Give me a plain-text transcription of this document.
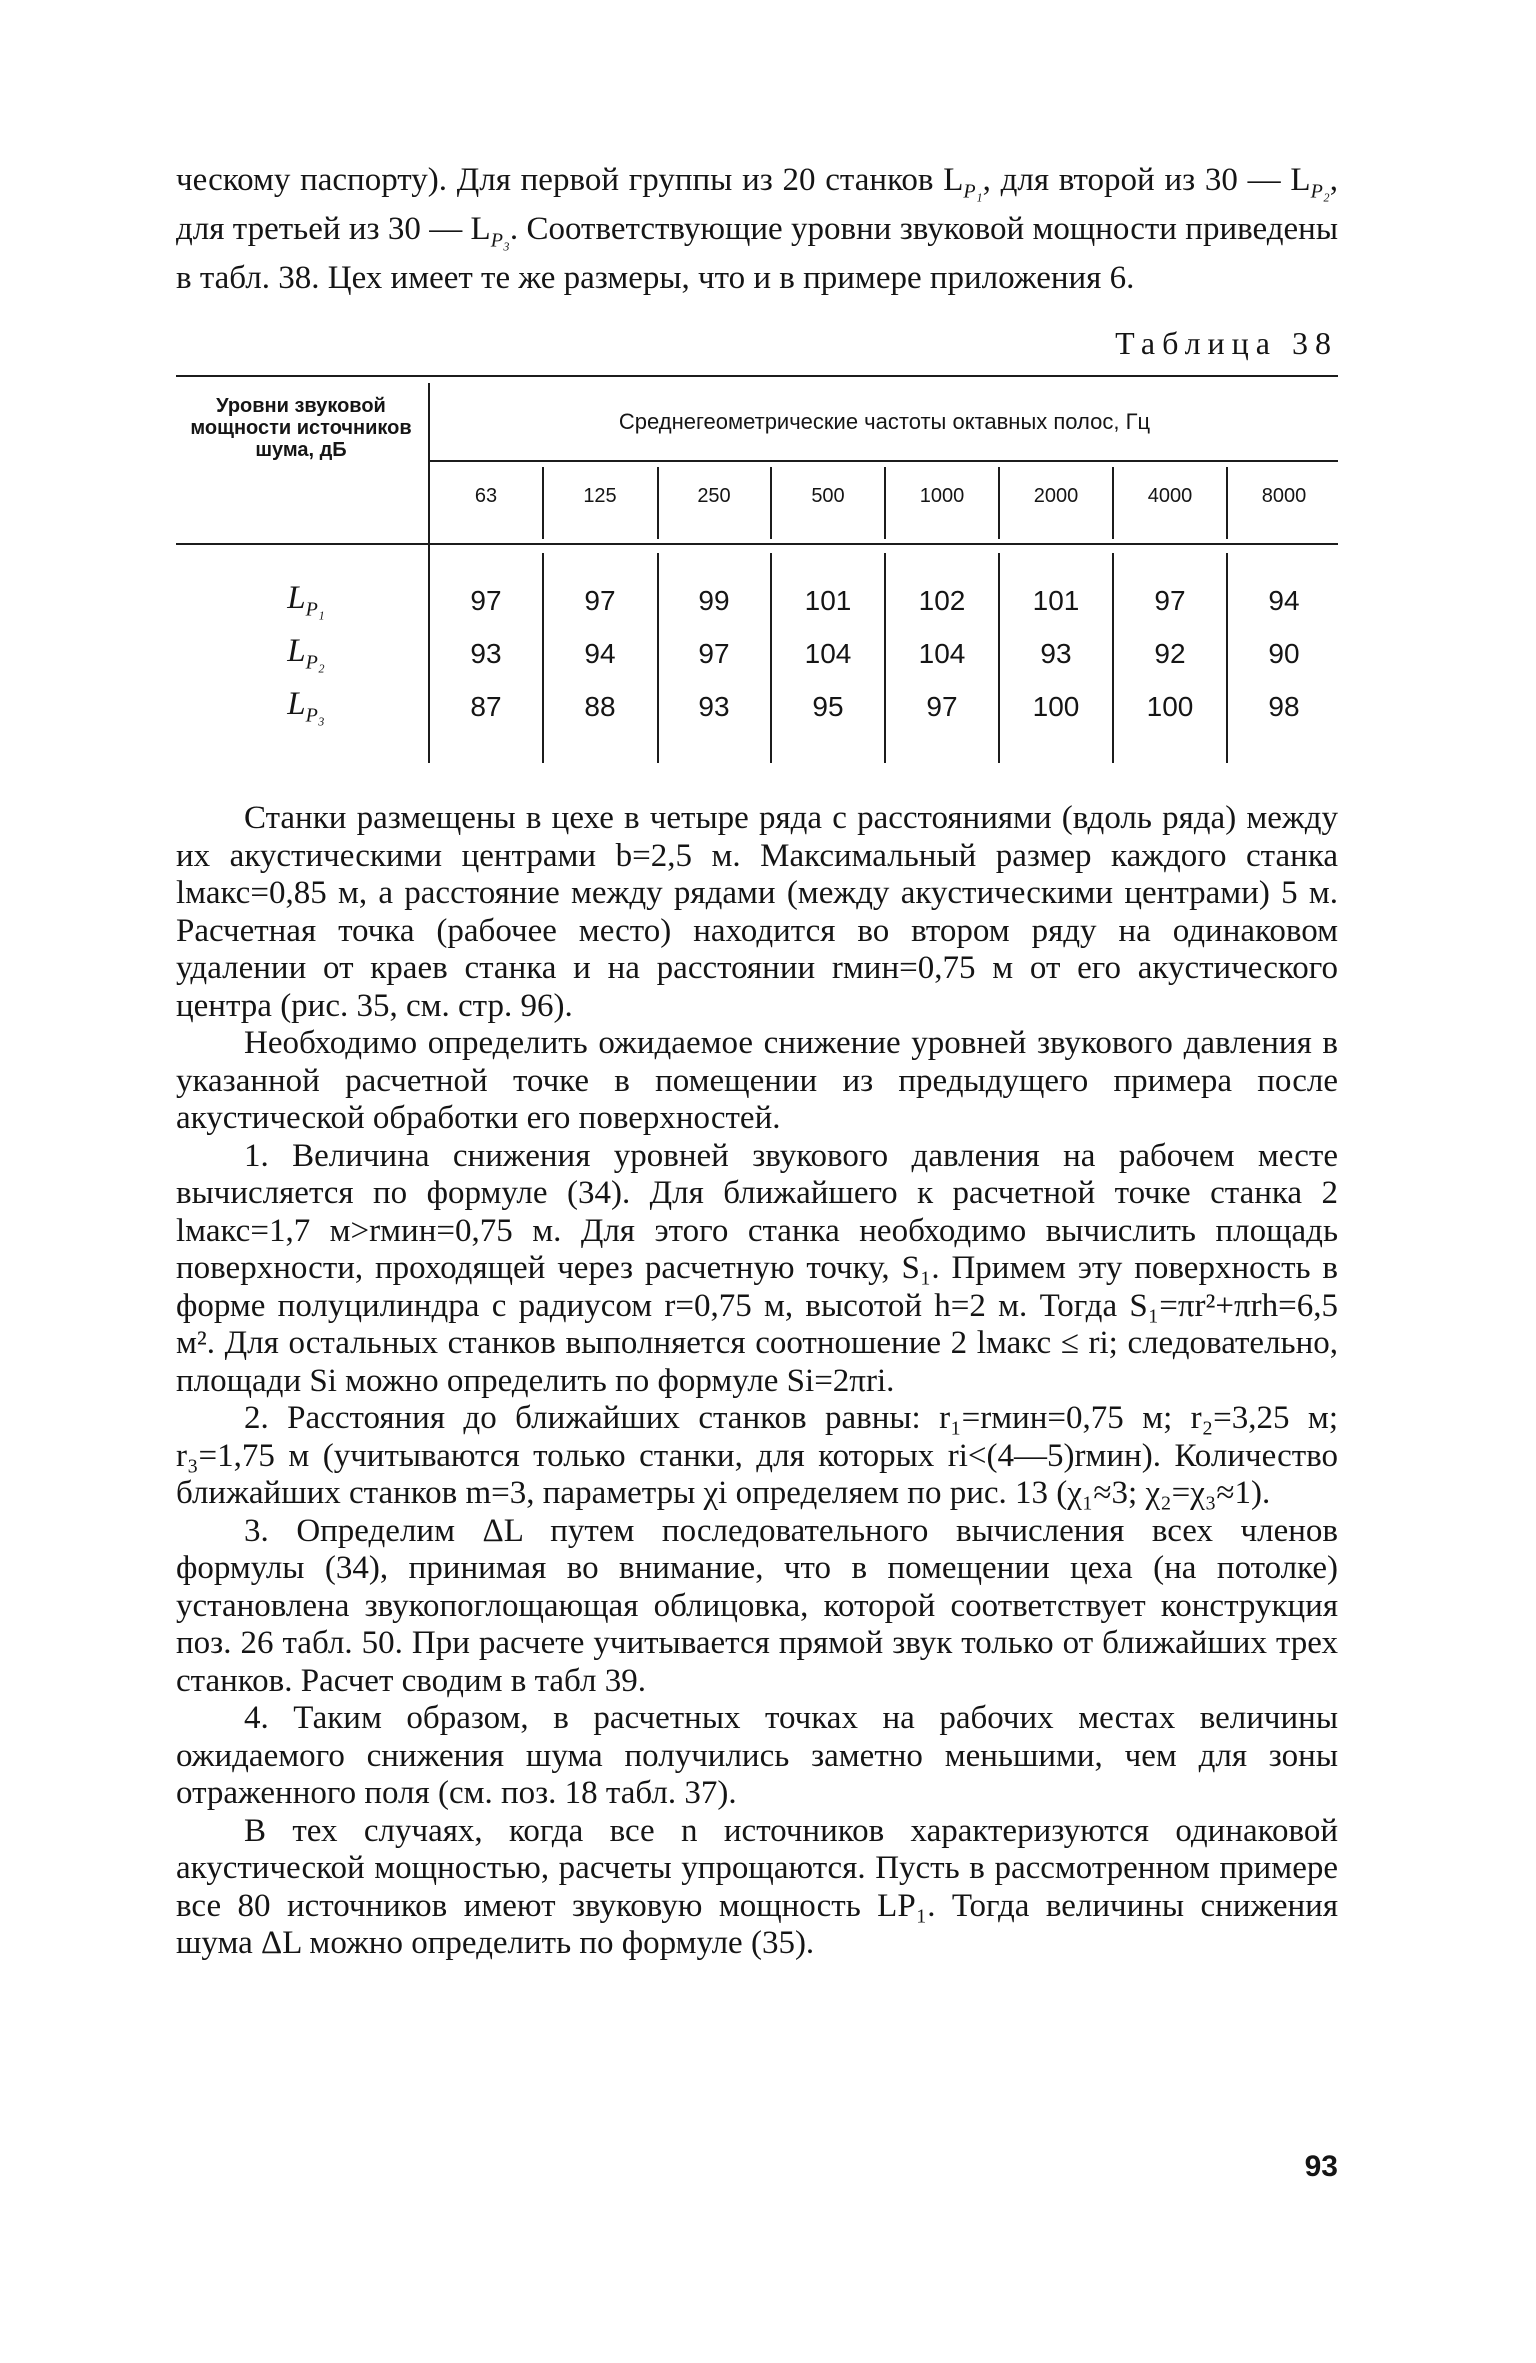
ческому паспорту). Для первой группы из 20 станков $L_{P_1}$, для второй из 30 — $L_{P_2}$, для третьей из 30 — $L_{P_3}$. Соответствующие уровни звуковой мощности приведены в табл. 38. Цех имеет те же размеры, что и в примере приложения 6.

Таблица 38
Уровни звуковой мощности источников шума, дБ
Среднегеометрические частоты октавных полос, Гц
63	125	250	500	1000	2000	4000	8000
$L_{P_1}$	97	97	99	101	102	101	97	94
$L_{P_2}$	93	94	97	104	104	93	92	90
$L_{P_3}$	87	88	93	95	97	100	100	98

Станки размещены в цехе в четыре ряда с расстояниями (вдоль ряда) между их акустическими центрами b=2,5 м. Максимальный размер каждого станка lмакс=0,85 м, а расстояние между рядами (между акустическими центрами) 5 м. Расчетная точка (рабочее место) находится во втором ряду на одинаковом удалении от краев станка и на расстоянии rмин=0,75 м от его акустического центра (рис. 35, см. стр. 96).

Необходимо определить ожидаемое снижение уровней звукового давления в указанной расчетной точке в помещении из предыдущего примера после акустической обработки его поверхностей.

1. Величина снижения уровней звукового давления на рабочем месте вычисляется по формуле (34). Для ближайшего к расчетной точке станка 2 lмакс=1,7 м>rмин=0,75 м. Для этого станка необходимо вычислить площадь поверхности, проходящей через расчетную точку, S₁. Примем эту поверхность в форме полуцилиндра с радиусом r=0,75 м, высотой h=2 м. Тогда S₁=πr²+πrh=6,5 м². Для остальных станков выполняется соотношение 2 lмакс ≤ ri; следовательно, площади Si можно определить по формуле Si=2πri.

2. Расстояния до ближайших станков равны: r₁=rмин=0,75 м; r₂=3,25 м; r₃=1,75 м (учитываются только станки, для которых ri<(4—5)rмин). Количество ближайших станков m=3, параметры χi определяем по рис. 13 (χ₁≈3; χ₂=χ₃≈1).

3. Определим ΔL путем последовательного вычисления всех членов формулы (34), принимая во внимание, что в помещении цеха (на потолке) установлена звукопоглощающая облицовка, которой соответствует конструкция поз. 26 табл. 50. При расчете учитывается прямой звук только от ближайших трех станков. Расчет сводим в табл 39.

4. Таким образом, в расчетных точках на рабочих местах величины ожидаемого снижения шума получились заметно меньшими, чем для зоны отраженного поля (см. поз. 18 табл. 37).

В тех случаях, когда все n источников характеризуются одинаковой акустической мощностью, расчеты упрощаются. Пусть в рассмотренном примере все 80 источников имеют звуковую мощность LP₁. Тогда величины снижения шума ΔL можно определить по формуле (35).

93
